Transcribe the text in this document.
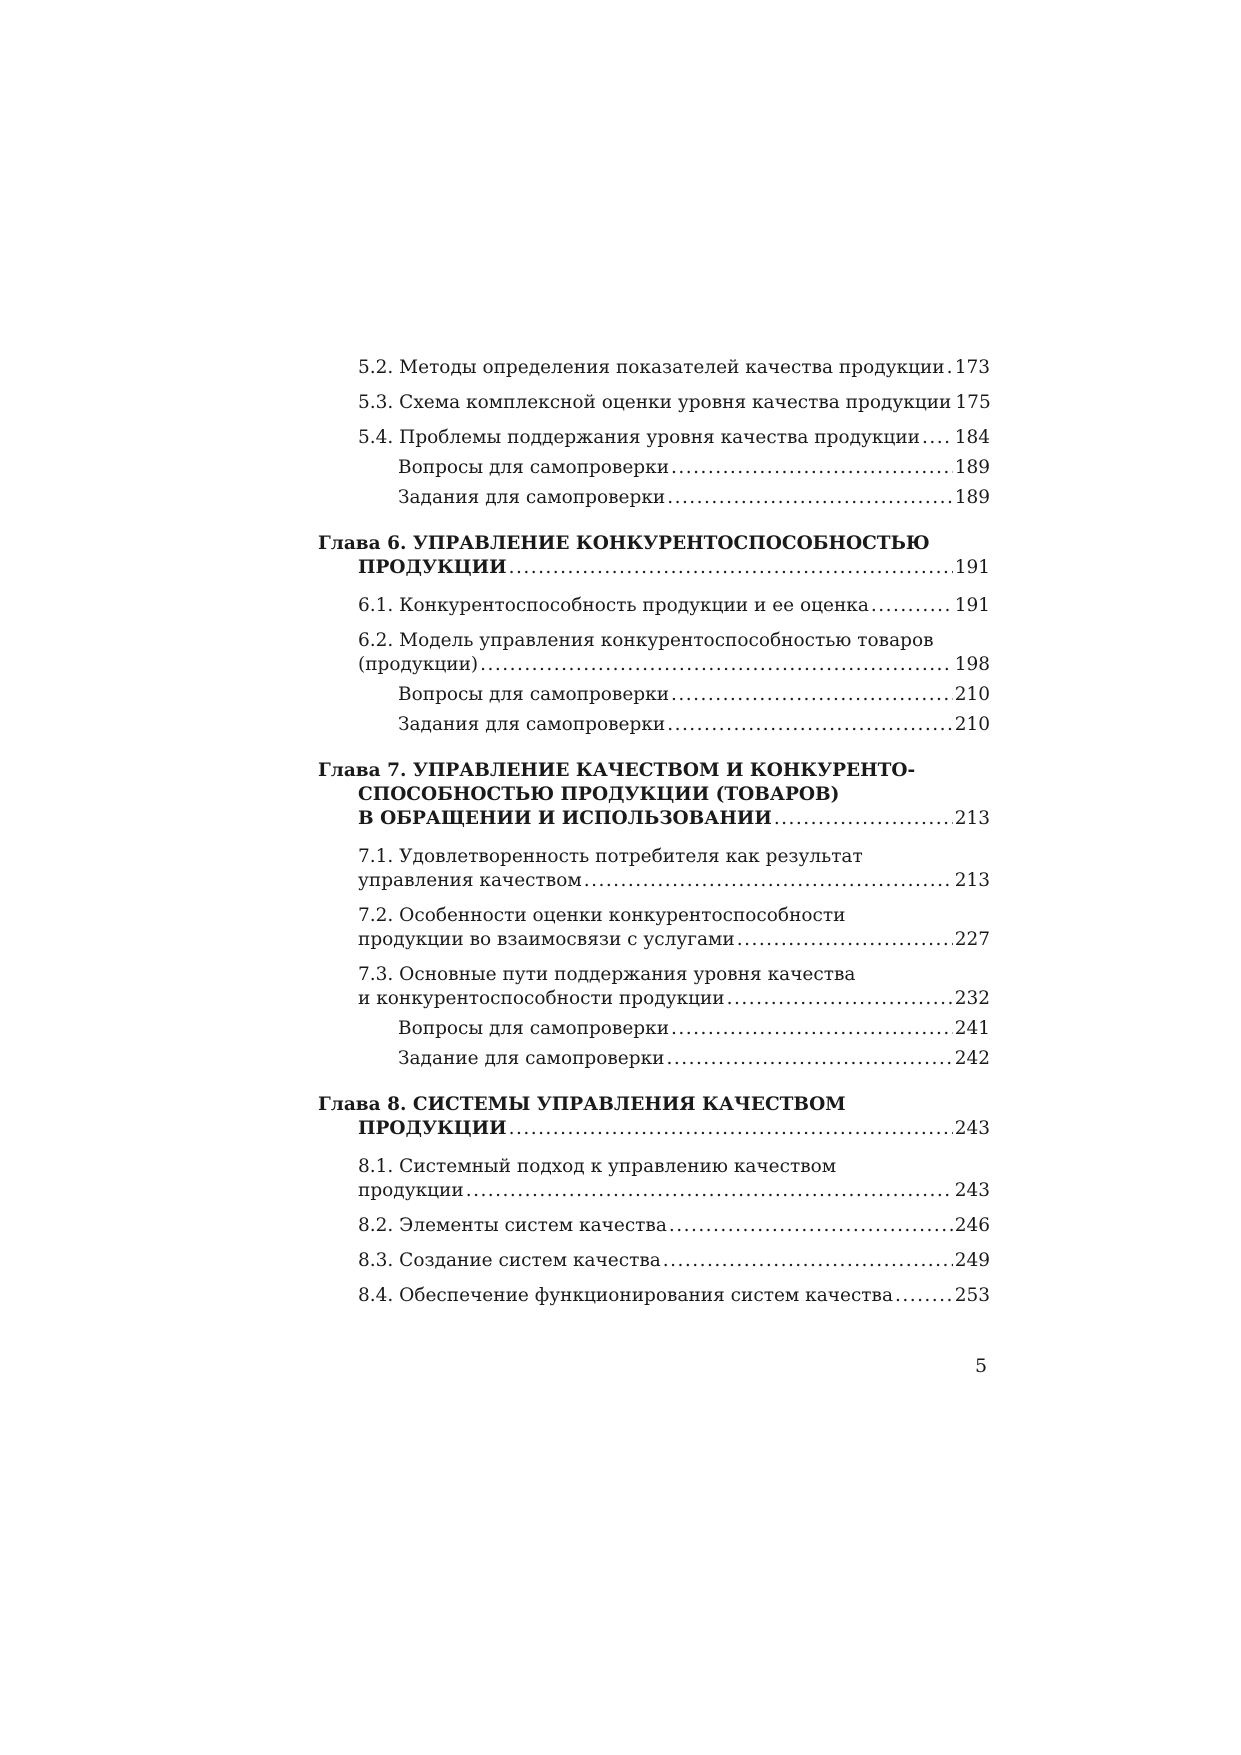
5.2. Методы определения показателей качества продукции . . . 173
5.3. Схема комплексной оценки уровня качества продукции 175
5.4. Проблемы поддержания уровня качества продукции . . . 184
Вопросы для самопроверки . . .	189
Задания для самопроверки . . .	189
Глава 6. УПРАВЛЕНИЕ КОНКУРЕНТОСПОСОБНОСТЬЮ
ПРОДУКЦИИ . . .	191
6.1. Конкурентоспособность продукции и ее оценка . . .	191
6.2. Модель управления конкурентоспособностью товаров
(продукции) . . .	198
Вопросы для самопроверки . . .	210
Задания для самопроверки . . .	210
Глава 7. УПРАВЛЕНИЕ КАЧЕСТВОМ И КОНКУРЕНТО-
СПОСОБНОСТЬЮ ПРОДУКЦИИ (ТОВАРОВ)
В ОБРАЩЕНИИ И ИСПОЛЬЗОВАНИИ . . .	213
7.1. Удовлетворенность потребителя как результат
управления качеством . . .	213
7.2. Особенности оценки конкурентоспособности
продукции во взаимосвязи с услугами . . .	227
7.3. Основные пути поддержания уровня качества
и конкурентоспособности продукции . . .	232
Вопросы для самопроверки . . .	241
Задание для самопроверки . . .	242
Глава 8. СИСТЕМЫ УПРАВЛЕНИЯ КАЧЕСТВОМ
ПРОДУКЦИИ . . .	243
8.1. Системный подход к управлению качеством
продукции . . .	243
8.2. Элементы систем качества . . .	246
8.3. Создание систем качества . . .	249
8.4. Обеспечение функционирования систем качества . . .	253
5
